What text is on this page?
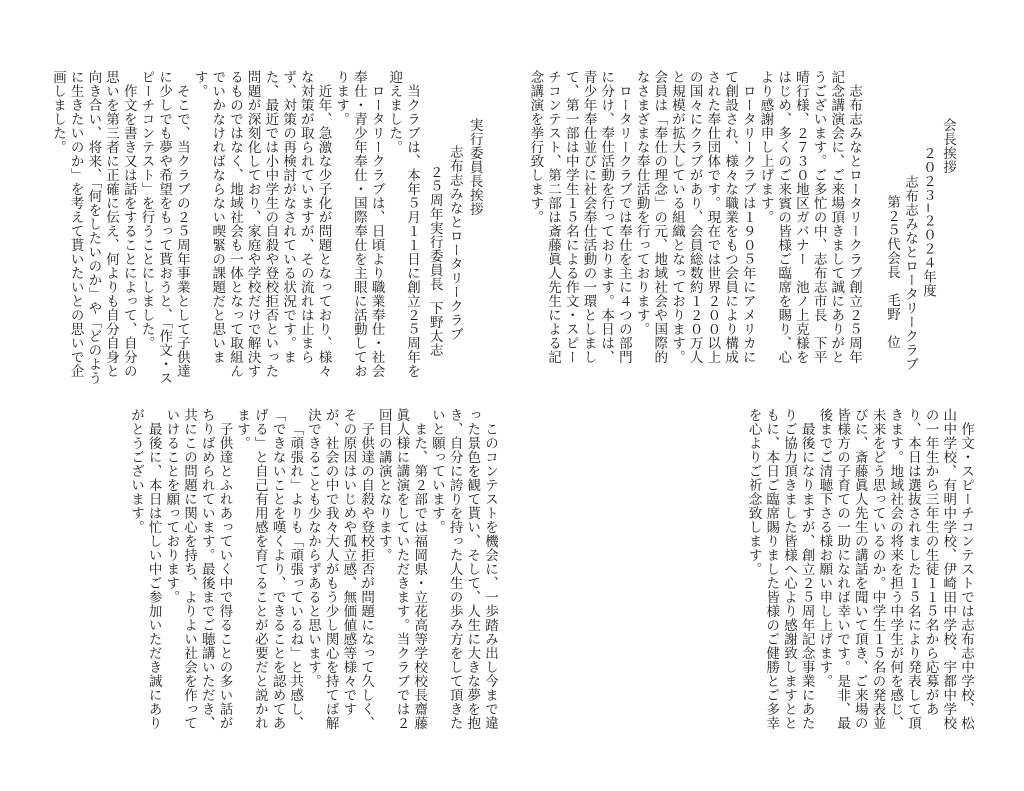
会長挨拶
２０２３−２０２４年度
志布志みなとロータリークラブ
第２５代会長毛野　位

志布志みなとロータリークラブ創立２５周年記念講演会に、ご来場頂きまして誠にありがとうございます。ご多忙の中、志布志市長　下平晴行様、２７３０地区ガバナー　池ノ上克様をはじめ、多くのご来賓の皆様ご臨席を賜り、心より感謝申し上げます。

ロータリークラブは１９０５年にアメリカにて創設され、様々な職業をもつ会員により構成された奉仕団体です。現在では世界２００以上の国々にクラブがあり、会員総数約１２０万人と規模が拡大している組織となっております。会員は「奉仕の理念」の元、地域社会や国際的なさまざまな奉仕活動を行っております。

ロータリークラブでは奉仕を主に４つの部門に分け、奉仕活動を行っております。本日は、青少年奉仕並びに社会奉仕活動の一環としまして、第一部は中学生１５名による作文・スピーチコンテスト、第二部は斎藤眞人先生による記念講演を挙行致します。

作文・スピーチコンテストでは志布志中学校、松山中学校、有明中学校、伊崎田中学校、宇都中学校の一年生から三年生の生徒１１５名から応募があり、本日は選抜されました１５名により発表して頂きます。地域社会の将来を担う中学生が何を感じ、未来をどう思っているのか。中学生１５名の発表並びに、斎藤眞人先生の講話を聞いて頂き、ご来場の皆様方の子育ての一助になれば幸いです。是非、最後までご清聴下さる様お願い申し上げます。

最後になりますが、創立２５周年記念事業にあたりご協力頂きました皆様へ心より感謝致しますとともに、本日ご臨席賜りました皆様のご健勝とご多幸を心よりご祈念致します。

実行委員長挨拶
志布志みなとロータリークラブ
２５周年実行委員長下野太志

当クラブは、本年５月１１日に創立２５周年を迎えました。

ロータリークラブは、日頃より職業奉仕・社会奉仕・青少年奉仕・国際奉仕を主眼に活動しております。

近年、急激な少子化が問題となっており、様々な対策が取られていますが、その流れは止まらず、対策の再検討がなされている状況です。また、最近では小中学生の自殺や登校拒否といった問題が深刻化しており、家庭や学校だけで解決するものではなく、地域社会も一体となって取組んでいかなければならない喫緊の課題だと思います。

そこで、当クラブの２５周年事業として子供達に少しでも夢や希望をもって貰おうと、「作文・スピーチコンテスト」を行うことにしました。

作文を書き又は話をすることによって、自分の思いを第三者に正確に伝え、何よりも自分自身と向き合い、将来、「何をしたいのか」や「どのように生きたいのか」を考えて貰いたいとの思いで企画しました。

このコンテストを機会に、一歩踏み出し今まで違った景色を観て貰い、そして、人生に大きな夢を抱き、自分に誇りを持った人生の歩み方をして頂きたいと願っています。

また、第２部では福岡県・立花高等学校校長齋藤眞人様に講演をしていただきます。当クラブでは２回目の講演となります。

子供達の自殺や登校拒否が問題になって久しく、その原因はいじめや孤立感、無価値感等様々ですが、社会の中で我々大人がもう少し関心を持てば解決できることも少なからずあると思います。

「頑張れ」よりも「頑張っているね」と共感し、「できないことを嘆くより、できることを認めてあげる」と自己有用感を育てることが必要だと説かれます。

子供達とふれあっていく中で得ることの多い話がちりばめられています。最後までご聴講いただき、共にこの問題に関心を持ち、よりよい社会を作っていけることを願っております。

最後に、本日は忙しい中ご参加いただき誠にありがとうございます。
